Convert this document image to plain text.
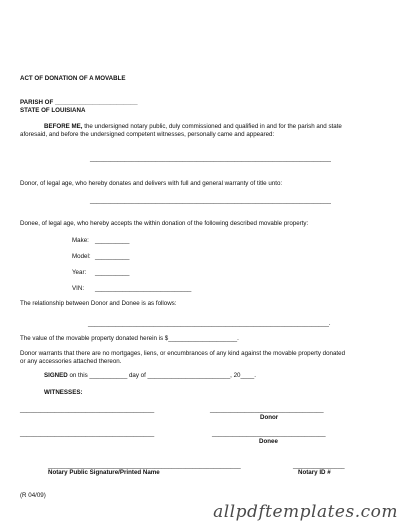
ACT OF DONATION OF A MOVABLE
PARISH OF ________________________
STATE OF LOUISIANA
BEFORE ME, the undersigned notary public, duly commissioned and qualified in and for the parish and state aforesaid, and before the undersigned competent witnesses, personally came and appeared:
______________________________________________________________________
Donor, of legal age, who hereby donates and delivers with full and general warranty of title unto:
______________________________________________________________________
Donee, of legal age, who hereby accepts the within donation of the following described movable property:
Make: __________
Model: __________
Year: __________
VIN: ____________________________
The relationship between Donor and Donee is as follows:
______________________________________________________________________.
The value of the movable property donated herein is $____________________.
Donor warrants that there are no mortgages, liens, or encumbrances of any kind against the movable property donated or any accessories attached thereon.
SIGNED on this ___________ day of ________________________, 20____.
WITNESSES:
_______________________________________	_________________________________
Donor
_______________________________________	_________________________________
Donee
________________________________________________________	_______________
Notary Public Signature/Printed Name	Notary ID #
(R 04/09)
allpdftemplates.com
